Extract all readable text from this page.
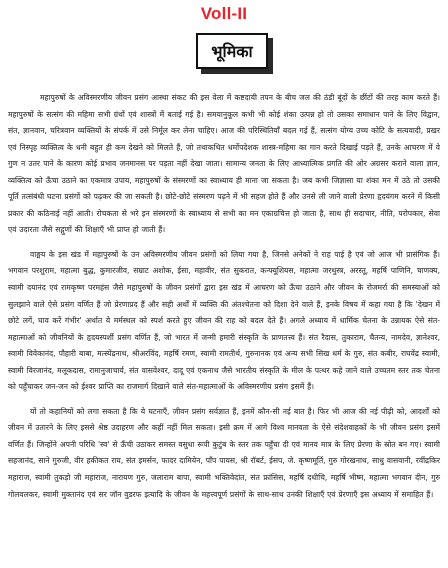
Voll-II
भूमिका

महापुरुषों के अविस्मरणीय जीवन प्रसंग आस्था संकट की इस वेला में कष्टदायी तपन के बीच जल की ठंडी बूंदों के छींटों की तरह काम करते हैं। महापुरुषों के सत्संग की महिमा सभी ग्रंथों एवं शास्त्रों में बताई गई है। समयानुकूल कभी भी कोई शंका उत्पन्न हो तो उसका समाधान पाने के लिए विद्वान, संत, ज्ञानवान, चरित्रवान व्यक्तियों के संपर्क में उसे निर्मूल कर लेना चाहिए। आज की परिस्थितियाँ बदल गई हैं, सत्संग योग्य उच्च कोटि के सत्यवादी, प्रखर एवं निस्पृह व्यक्तित्व के धनी बहुत ही कम देखने को मिलते हैं, जो तथाकथित धर्मोपदेशक शास्त्र-महिमा का गान करते दिखाई पड़ते हैं, उनके आचरण में वे गुण न उतर पाने के कारण कोई प्रभाव जनमानस पर पड़ता नहीं देखा जाता। सामान्य जनता के लिए आध्यात्मिक प्रगति की ओर अग्रसर कराने वाला ज्ञान, व्यक्तित्व को ऊँचा उठाने का एकमात्र उपाय, महापुरुषों के संस्मरणों का स्वाध्याय ही माना जा सकता है। जब कभी जिज्ञासा या शंका मन में उठे तो उसकी पूर्ति तत्संबंधी घटना प्रसंगों को पढ़कर की जा सकती है। छोटे-छोटे संस्मरण पढ़ने में भी सहज होते हैं और उनसे ली जाने वाली प्रेरणा हृदयंगम करने में किसी प्रकार की कठिनाई नहीं आती। रोचकता से भरे इन संस्मरणों के स्वाध्याय से सभी का मन एकाग्रचित्त हो जाता है, साथ ही सदाचार, नीति, परोपकार, सेवा एवं उदारता जैसे सद्गुणों की शिक्षाएँ भी प्राप्त हो जाती हैं।

वाङ्मय के इस खंड में महापुरुषों के उन अविस्मरणीय जीवन प्रसंगों को लिया गया है, जिनसे अनेकों ने राह पाई है एवं जो आज भी प्रासंगिक हैं। भगवान परशुराम, महात्मा बुद्ध, कुमारजीव, सम्राट अशोक, ईसा, महावीर, संत सुकरात, कन्फ्यूशियस, महात्मा जरथुस्त्र, अरस्तू, महर्षि पाणिनि, चाणक्य, स्वामी दयानंद एवं रामकृष्ण परमहंस जैसे महापुरुषों के जीवन प्रसंगों द्वारा इस खंड में आचरण को ऊँचा उठाने और जीवन के रोजमर्रा की समस्याओं को सुलझाने वाले ऐसे प्रसंग वर्णित हैं जो प्रेरणाप्रद हैं और सही अर्थों में व्यक्ति की अंतश्चेतना को दिशा देने वाले हैं, इनके विषय में कहा गया है कि 'देखन में छोटे लगें, घाव करें गंभीर' अर्थात ये मर्मस्थल को स्पर्श करते हुए जीवन की राह को बदल देते हैं। अगले अध्याय में धार्मिक चेतना के उन्नायक ऐसे संत-महात्माओं को जीवनियों के हृदयस्पर्शी प्रसंग वर्णित हैं, जो भारत में जन्मी हमारी संस्कृति के प्राणतत्त्व हैं। संत रैदास, तुकाराम, चैतन्य, नामदेव, ज्ञानेश्वर, स्वामी विवेकानंद, पौहारी बाबा, मत्स्येंद्रनाथ, श्रीअरविंद, महर्षि रमण, स्वामी रामतीर्थ, गुरुनानक एवं अन्य सभी सिख धर्म के गुरु, संत कबीर, राघवेंद्र स्वामी, स्वामी विरजानंद, मलूकदास, रामानुजाचार्य, संत वासवेश्वर, दादू एवं एकनाथ जैसे भारतीय संस्कृति के मील के पत्थर कहे जाने वाले उच्चतम स्तर तक चेतना को पहुँचाकर जन-जन को ईश्वर प्राप्ति का राजमार्ग दिखाने वाले संत-महात्माओं के अविस्मरणीय प्रसंग इसमें हैं।

यों तो कहानियों को लगा सकता है कि ये घटनाएँ, जीवन प्रसंग सर्वज्ञात हैं, इनमें कौन-सी नई बात है। फिर भी आज की नई पीढ़ी को, आदर्शों को जीवन में उतारने के लिए इससे श्रेष्ठ उदाहरण और कहीं नहीं मिल सकता। इसी क्रम में आगे विश्व मानवता के ऐसे संदेशवाहकों के भी जीवन प्रसंग इसमें वर्णित हैं। जिन्होंने अपनी परिधि 'स्व' से ऊँची उठाकर समस्त वसुधा रूपी कुटुंब के स्तर तक पहुँचा दी एवं मानव मात्र के लिए प्रेरणा के स्रोत बन गए। स्वामी सहजानंद, साने गुरुजी, वीर हकीकत राय, संत इमर्सन, फादर दामियेन, पाँप पायस, श्री रॉबर्ट, ईसप, जे. कृष्णमूर्ति, गुरु गोरखनाथ, साधु वासवानी, रवींद्रकिर महाराज, स्वामी तुकड़ो जी महाराज, नारायण गुरु, जलाराम बापा, स्वामी भक्तिवेदांत, संत फ्रांसिस, महर्षि दधीचि, महर्षि भीष्म, महात्मा भगवान दीन, गुरु गोलवलकर, स्वामी मुक्तानंद एवं सर जॉन वुडरफ इत्यादि के जीवन के महत्त्वपूर्ण प्रसंगों के साथ-साथ उनकी शिक्षाएँ एवं प्रेरणाएँ इस अध्याय में समाहित हैं।
